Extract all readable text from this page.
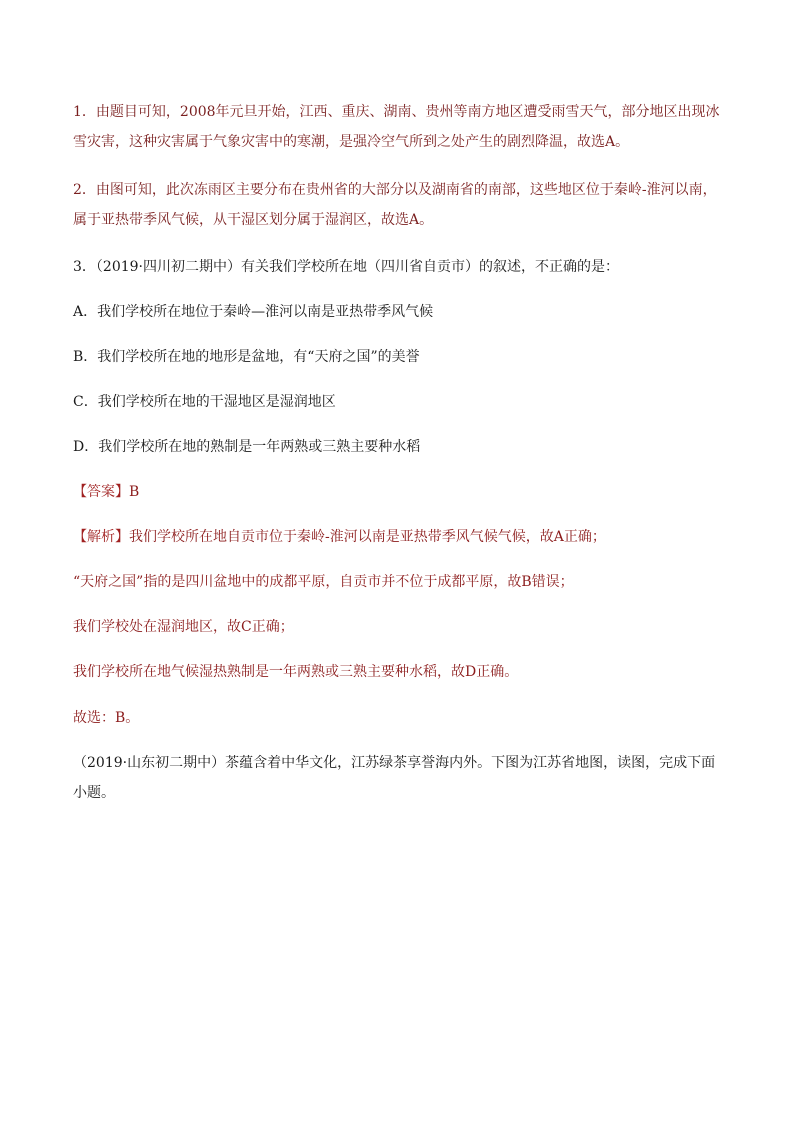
1．由题目可知，2008年元旦开始，江西、重庆、湖南、贵州等南方地区遭受雨雪天气，部分地区出现冰雪灾害，这种灾害属于气象灾害中的寒潮，是强冷空气所到之处产生的剧烈降温，故选A。
2．由图可知，此次冻雨区主要分布在贵州省的大部分以及湖南省的南部，这些地区位于秦岭-淮河以南，属于亚热带季风气候，从干湿区划分属于湿润区，故选A。
3．（2019·四川初二期中）有关我们学校所在地（四川省自贡市）的叙述，不正确的是：
A．我们学校所在地位于秦岭—淮河以南是亚热带季风气候
B．我们学校所在地的地形是盆地，有“天府之国”的美誉
C．我们学校所在地的干湿地区是湿润地区
D．我们学校所在地的熟制是一年两熟或三熟主要种水稻
【答案】B
【解析】我们学校所在地自贡市位于秦岭-淮河以南是亚热带季风气候气候，故A正确；
“天府之国”指的是四川盆地中的成都平原，自贡市并不位于成都平原，故B错误；
我们学校处在湿润地区，故C正确；
我们学校所在地气候湿热熟制是一年两熟或三熟主要种水稻，故D正确。
故选：B。
（2019·山东初二期中）茶蕴含着中华文化，江苏绿茶享誉海内外。下图为江苏省地图，读图，完成下面小题。
